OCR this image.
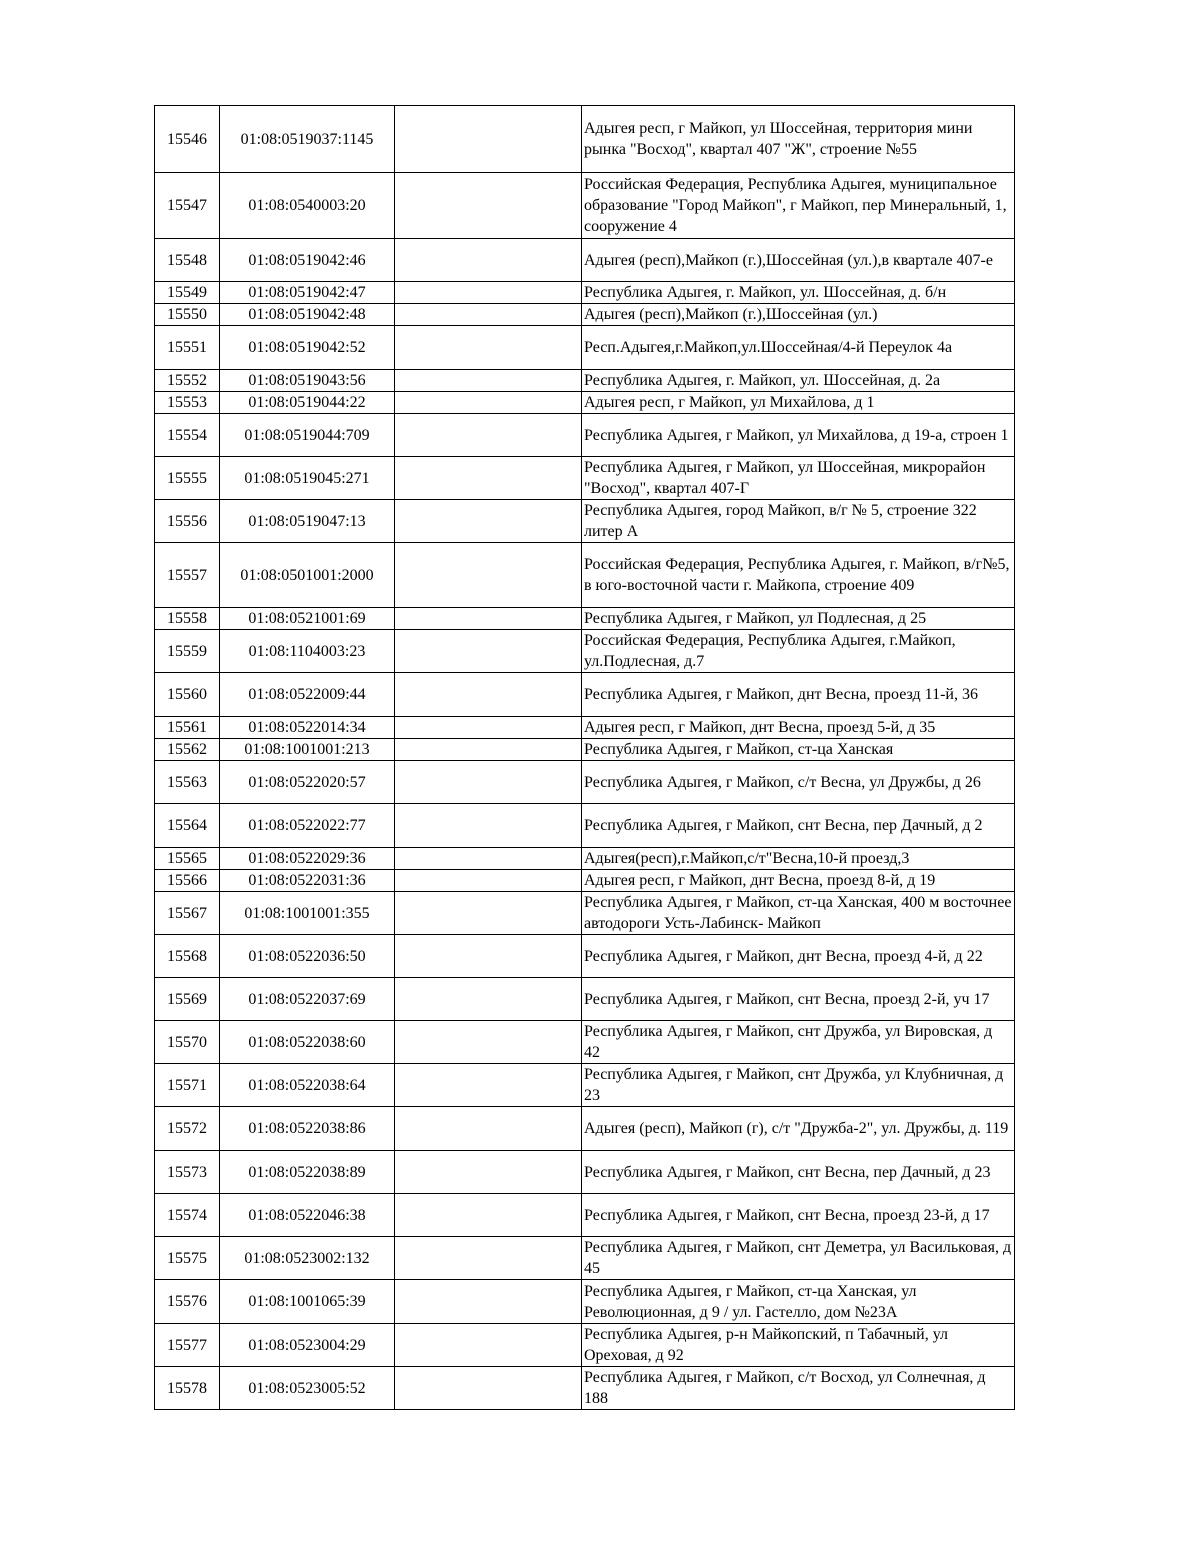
15546	01:08:0519037:1145		Адыгея респ, г Майкоп, ул Шоссейная, территория мини рынка "Восход", квартал 407 "Ж", строение №55
15547	01:08:0540003:20		Российская Федерация, Республика Адыгея, муниципальное образование "Город Майкоп", г Майкоп, пер Минеральный, 1, сооружение 4
15548	01:08:0519042:46		Адыгея (респ),Майкоп (г.),Шоссейная (ул.),в квартале 407-е
15549	01:08:0519042:47		Республика Адыгея, г. Майкоп, ул. Шоссейная, д. б/н
15550	01:08:0519042:48		Адыгея (респ),Майкоп (г.),Шоссейная (ул.)
15551	01:08:0519042:52		Респ.Адыгея,г.Майкоп,ул.Шоссейная/4-й Переулок 4а
15552	01:08:0519043:56		Республика Адыгея, г. Майкоп, ул. Шоссейная, д. 2а
15553	01:08:0519044:22		Адыгея респ, г Майкоп, ул Михайлова, д 1
15554	01:08:0519044:709		Республика Адыгея, г Майкоп, ул Михайлова, д 19-а, строен 1
15555	01:08:0519045:271		Республика Адыгея, г Майкоп, ул Шоссейная, микрорайон "Восход", квартал 407-Г
15556	01:08:0519047:13		Республика Адыгея, город Майкоп, в/г № 5, строение 322 литер А
15557	01:08:0501001:2000		Российская Федерация, Республика Адыгея, г. Майкоп, в/г№5, в юго-восточной части г. Майкопа, строение 409
15558	01:08:0521001:69		Республика Адыгея, г Майкоп, ул Подлесная, д 25
15559	01:08:1104003:23		Российская Федерация, Республика Адыгея, г.Майкоп, ул.Подлесная, д.7
15560	01:08:0522009:44		Республика Адыгея, г Майкоп, днт Весна, проезд 11-й, 36
15561	01:08:0522014:34		Адыгея респ, г Майкоп, днт Весна, проезд 5-й, д 35
15562	01:08:1001001:213		Республика Адыгея, г Майкоп, ст-ца Ханская
15563	01:08:0522020:57		Республика Адыгея, г Майкоп, с/т Весна, ул Дружбы, д 26
15564	01:08:0522022:77		Республика Адыгея, г Майкоп, снт Весна, пер Дачный, д 2
15565	01:08:0522029:36		Адыгея(респ),г.Майкоп,с/т"Весна,10-й проезд,3
15566	01:08:0522031:36		Адыгея респ, г Майкоп, днт Весна, проезд 8-й, д 19
15567	01:08:1001001:355		Республика Адыгея, г Майкоп, ст-ца Ханская, 400 м восточнее автодороги Усть-Лабинск- Майкоп
15568	01:08:0522036:50		Республика Адыгея, г Майкоп, днт Весна, проезд 4-й, д 22
15569	01:08:0522037:69		Республика Адыгея, г Майкоп, снт Весна, проезд 2-й, уч 17
15570	01:08:0522038:60		Республика Адыгея, г Майкоп, снт Дружба, ул Вировская, д 42
15571	01:08:0522038:64		Республика Адыгея, г Майкоп, снт Дружба, ул Клубничная, д 23
15572	01:08:0522038:86		Адыгея (респ), Майкоп (г), с/т "Дружба-2", ул. Дружбы, д. 119
15573	01:08:0522038:89		Республика Адыгея, г Майкоп, снт Весна, пер Дачный, д 23
15574	01:08:0522046:38		Республика Адыгея, г Майкоп, снт Весна, проезд 23-й, д 17
15575	01:08:0523002:132		Республика Адыгея, г Майкоп, снт Деметра, ул Васильковая, д 45
15576	01:08:1001065:39		Республика Адыгея, г Майкоп, ст-ца Ханская, ул Революционная, д 9 / ул. Гастелло, дом №23А
15577	01:08:0523004:29		Республика Адыгея, р-н Майкопский, п Табачный, ул Ореховая, д 92
15578	01:08:0523005:52		Республика Адыгея, г Майкоп, с/т Восход, ул Солнечная, д 188
